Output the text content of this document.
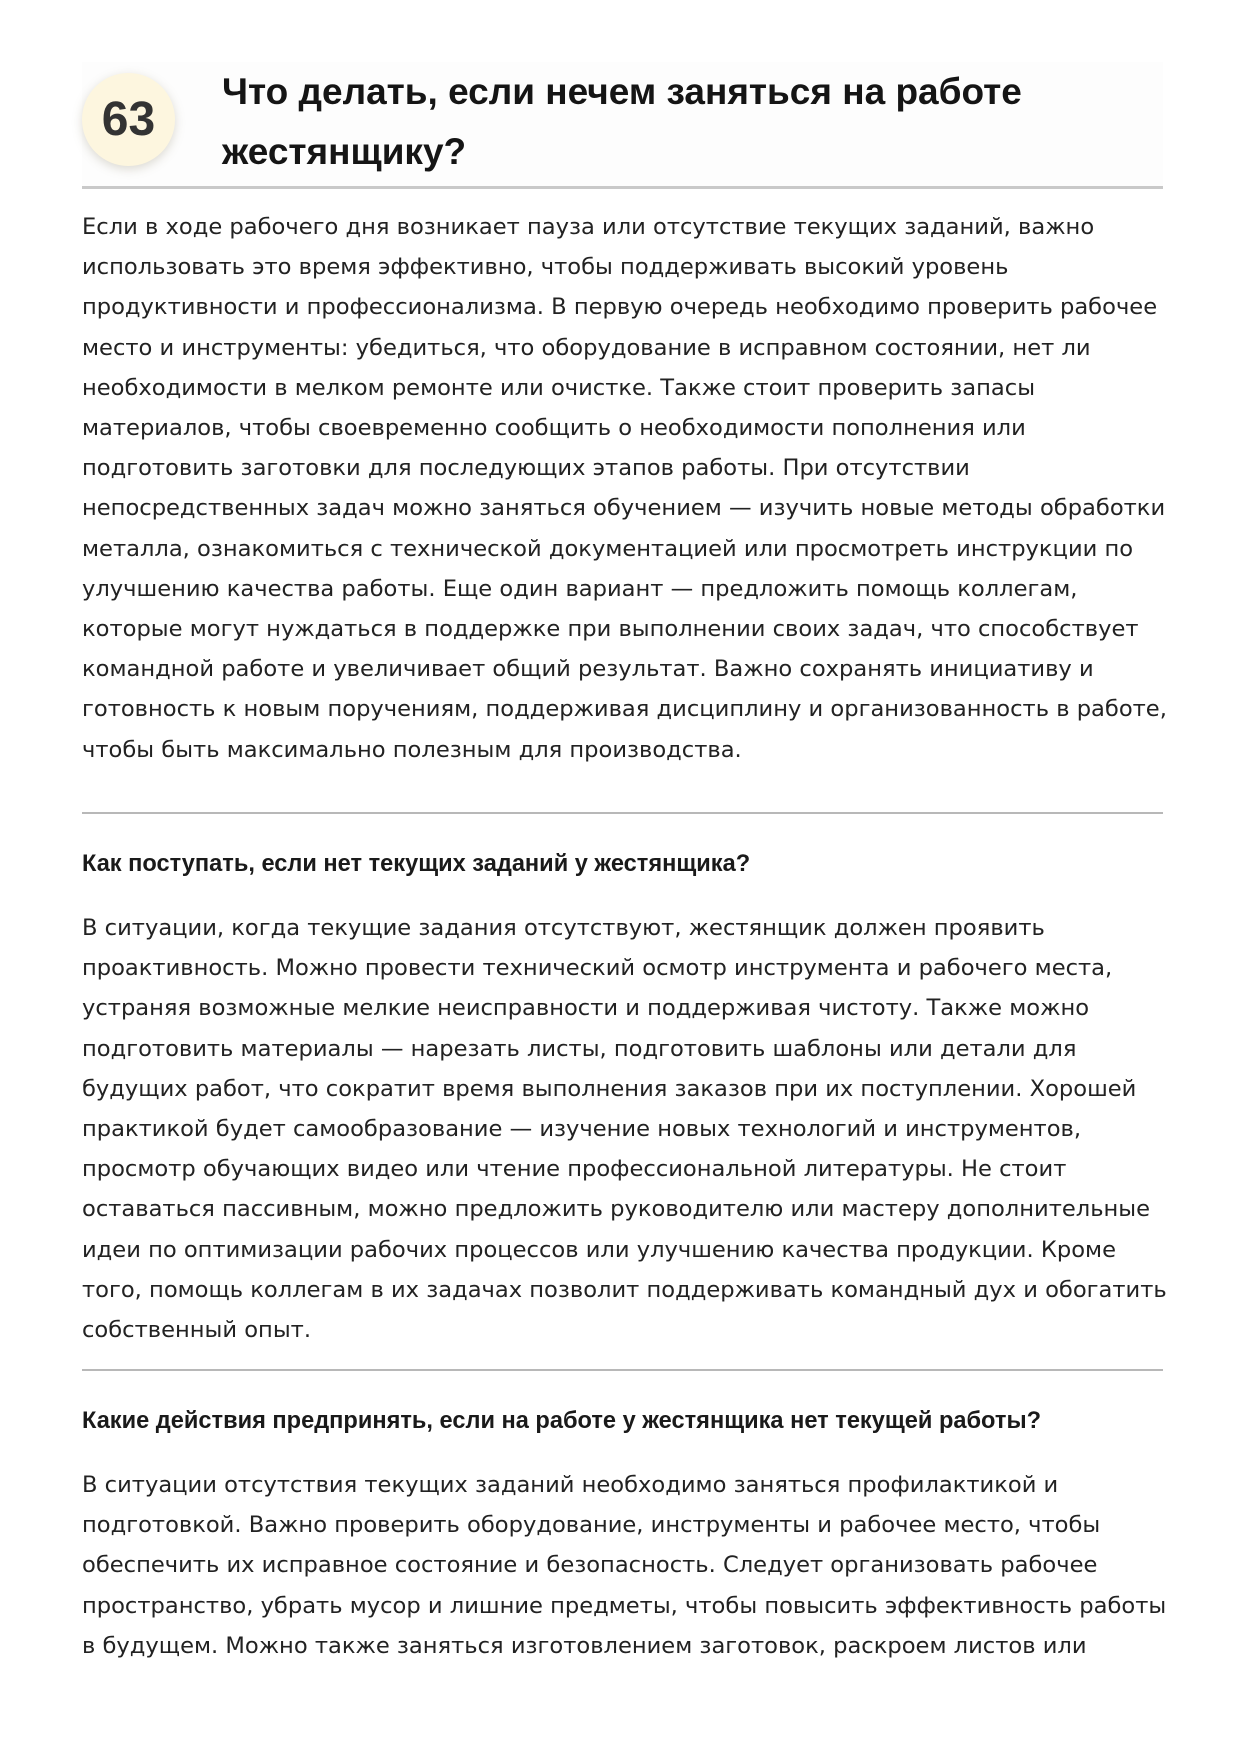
63
Что делать, если нечем заняться на работе жестянщику?

Если в ходе рабочего дня возникает пауза или отсутствие текущих заданий, важно использовать это время эффективно, чтобы поддерживать высокий уровень продуктивности и профессионализма. В первую очередь необходимо проверить рабочее место и инструменты: убедиться, что оборудование в исправном состоянии, нет ли необходимости в мелком ремонте или очистке. Также стоит проверить запасы материалов, чтобы своевременно сообщить о необходимости пополнения или подготовить заготовки для последующих этапов работы. При отсутствии непосредственных задач можно заняться обучением — изучить новые методы обработки металла, ознакомиться с технической документацией или просмотреть инструкции по улучшению качества работы. Еще один вариант — предложить помощь коллегам, которые могут нуждаться в поддержке при выполнении своих задач, что способствует командной работе и увеличивает общий результат. Важно сохранять инициативу и готовность к новым поручениям, поддерживая дисциплину и организованность в работе, чтобы быть максимально полезным для производства.

Как поступать, если нет текущих заданий у жестянщика?

В ситуации, когда текущие задания отсутствуют, жестянщик должен проявить проактивность. Можно провести технический осмотр инструмента и рабочего места, устраняя возможные мелкие неисправности и поддерживая чистоту. Также можно подготовить материалы — нарезать листы, подготовить шаблоны или детали для будущих работ, что сократит время выполнения заказов при их поступлении. Хорошей практикой будет самообразование — изучение новых технологий и инструментов, просмотр обучающих видео или чтение профессиональной литературы. Не стоит оставаться пассивным, можно предложить руководителю или мастеру дополнительные идеи по оптимизации рабочих процессов или улучшению качества продукции. Кроме того, помощь коллегам в их задачах позволит поддерживать командный дух и обогатить собственный опыт.

Какие действия предпринять, если на работе у жестянщика нет текущей работы?

В ситуации отсутствия текущих заданий необходимо заняться профилактикой и подготовкой. Важно проверить оборудование, инструменты и рабочее место, чтобы обеспечить их исправное состояние и безопасность. Следует организовать рабочее пространство, убрать мусор и лишние предметы, чтобы повысить эффективность работы в будущем. Можно также заняться изготовлением заготовок, раскроем листов или
